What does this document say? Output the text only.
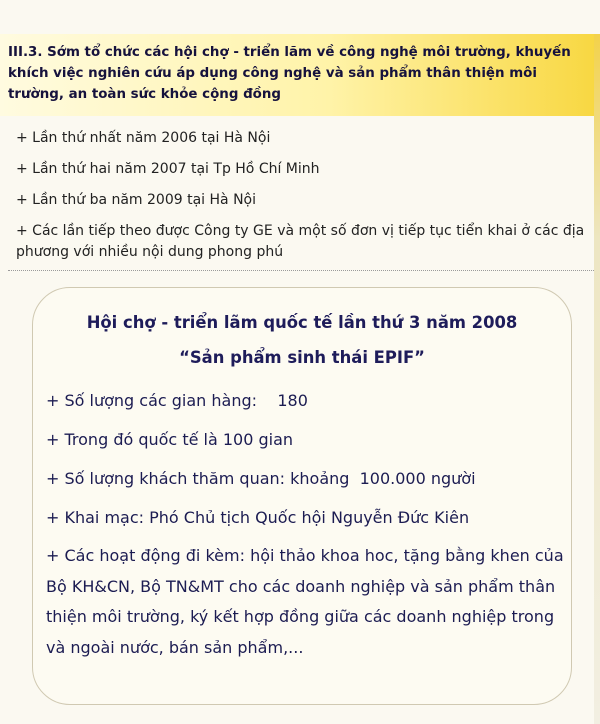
III.3. Sớm tổ chức các hội chợ - triển lãm về công nghệ môi trường, khuyến khích việc nghiên cứu áp dụng công nghệ và sản phẩm thân thiện môi trường, an toàn sức khỏe cộng đồng
+ Lần thứ nhất năm 2006 tại Hà Nội
+ Lần thứ hai năm 2007 tại Tp Hồ Chí Minh
+ Lần thứ ba năm 2009 tại Hà Nội
+ Các lần tiếp theo được Công ty GE và một số đơn vị tiếp tục tiển khai ở các địa phương với nhiều nội dung phong phú
Hội chợ - triển lãm quốc tế lần thứ 3 năm 2008
“Sản phẩm sinh thái EPIF”
+ Số lượng các gian hàng:    180
+ Trong đó quốc tế là 100 gian
+ Số lượng khách thăm quan: khoảng  100.000 người
+ Khai mạc: Phó Chủ tịch Quốc hội Nguyễn Đức Kiên
+ Các hoạt động đi kèm: hội thảo khoa hoc, tặng bằng khen của Bộ KH&CN, Bộ TN&MT cho các doanh nghiệp và sản phẩm thân thiện môi trường, ký kết hợp đồng giữa các doanh nghiệp trong và ngoài nước, bán sản phẩm,...
